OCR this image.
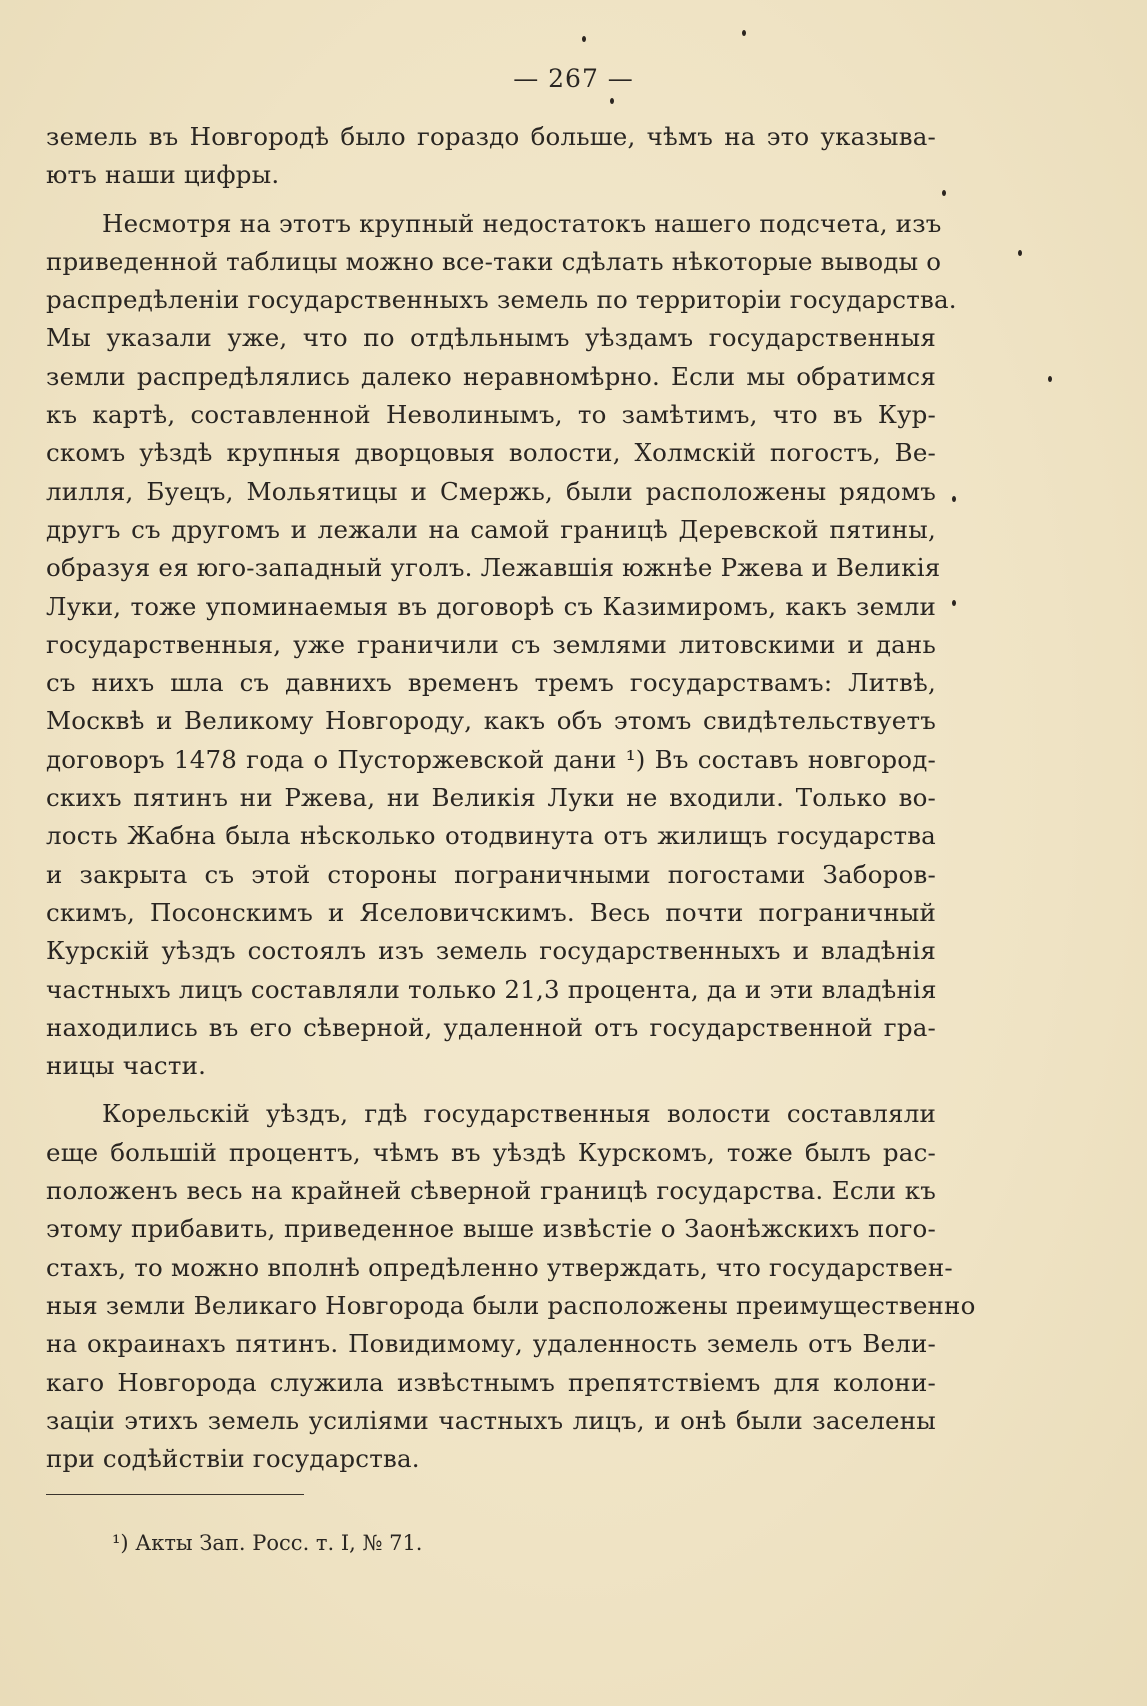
— 267 —
земель въ Новгородѣ было гораздо больше, чѣмъ на это указыва-
ютъ наши цифры.
Несмотря на этотъ крупный недостатокъ нашего подсчета, изъ
приведенной таблицы можно все-таки сдѣлать нѣкоторые выводы о
распредѣленіи государственныхъ земель по территоріи государства.
Мы указали уже, что по отдѣльнымъ уѣздамъ государственныя
земли распредѣлялись далеко неравномѣрно. Если мы обратимся
къ картѣ, составленной Неволинымъ, то замѣтимъ, что въ Кур-
скомъ уѣздѣ крупныя дворцовыя волости, Холмскій погостъ, Ве-
лилля, Буецъ, Мольятицы и Смержь, были расположены рядомъ
другъ съ другомъ и лежали на самой границѣ Деревской пятины,
образуя ея юго-западный уголъ. Лежавшія южнѣе Ржева и Великія
Луки, тоже упоминаемыя въ договорѣ съ Казимиромъ, какъ земли
государственныя, уже граничили съ землями литовскими и дань
съ нихъ шла съ давнихъ временъ тремъ государствамъ: Литвѣ,
Москвѣ и Великому Новгороду, какъ объ этомъ свидѣтельствуетъ
договоръ 1478 года о Пусторжевской дани ¹) Въ составъ новгород-
скихъ пятинъ ни Ржева, ни Великія Луки не входили. Только во-
лость Жабна была нѣсколько отодвинута отъ жилищъ государства
и закрыта съ этой стороны пограничными погостами Заборов-
скимъ, Посонскимъ и Яселовичскимъ. Весь почти пограничный
Курскій уѣздъ состоялъ изъ земель государственныхъ и владѣнія
частныхъ лицъ составляли только 21,3 процента, да и эти владѣнія
находились въ его сѣверной, удаленной отъ государственной гра-
ницы части.
Корельскій уѣздъ, гдѣ государственныя волости составляли
еще большій процентъ, чѣмъ въ уѣздѣ Курскомъ, тоже былъ рас-
положенъ весь на крайней сѣверной границѣ государства. Если къ
этому прибавить, приведенное выше извѣстіе о Заонѣжскихъ пого-
стахъ, то можно вполнѣ опредѣленно утверждать, что государствен-
ныя земли Великаго Новгорода были расположены преимущественно
на окраинахъ пятинъ. Повидимому, удаленность земель отъ Вели-
каго Новгорода служила извѣстнымъ препятствіемъ для колони-
заціи этихъ земель усиліями частныхъ лицъ, и онѣ были заселены
при содѣйствіи государства.
¹) Акты Зап. Росс. т. I, № 71.
